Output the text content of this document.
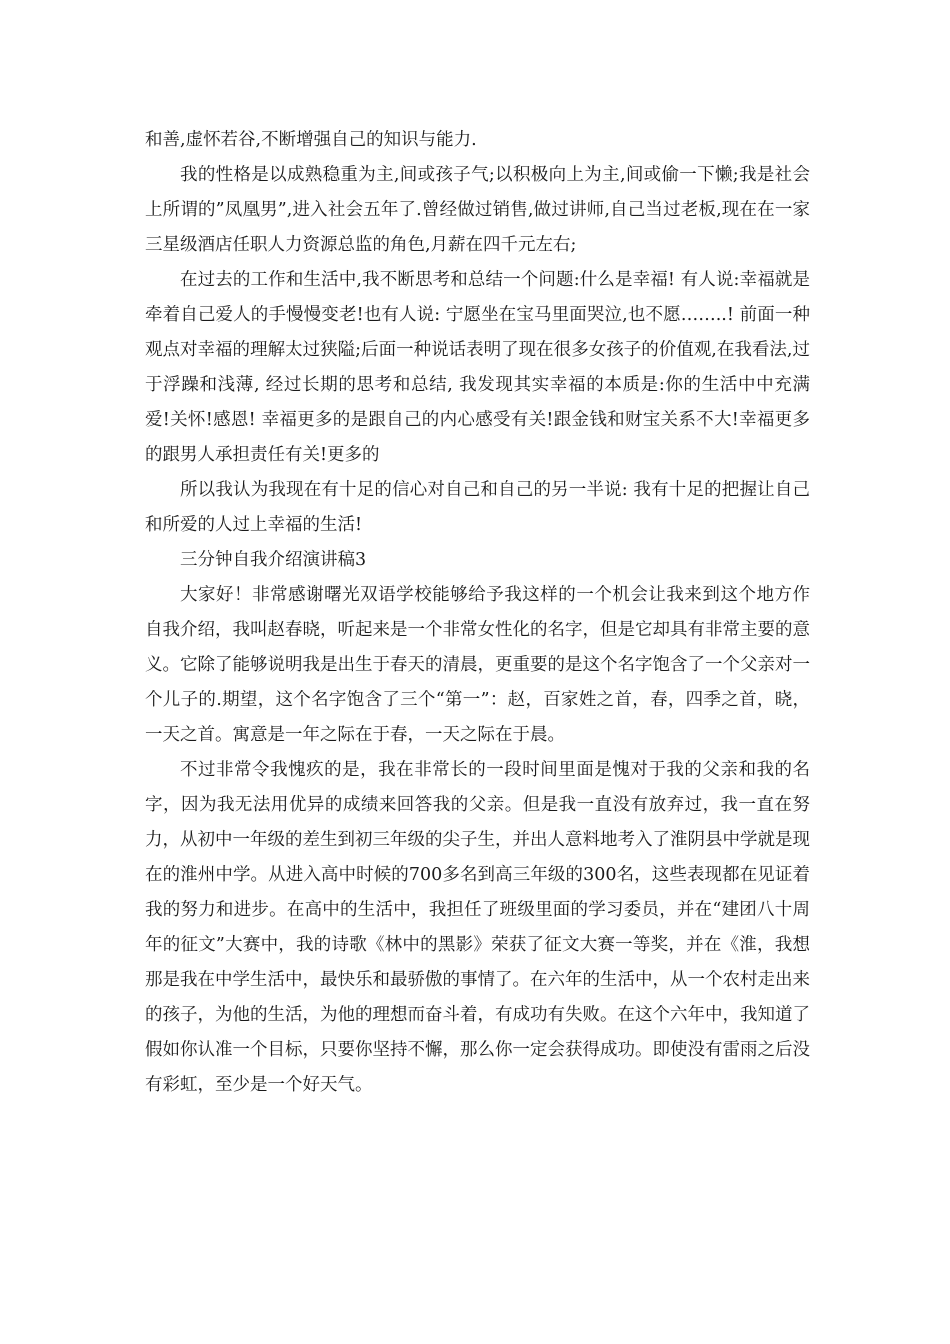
和善,虚怀若谷,不断增强自己的知识与能力.

我的性格是以成熟稳重为主,间或孩子气;以积极向上为主,间或偷一下懒;我是社会上所谓的”凤凰男”,进入社会五年了.曾经做过销售,做过讲师,自己当过老板,现在在一家三星级酒店任职人力资源总监的角色,月薪在四千元左右;

在过去的工作和生活中,我不断思考和总结一个问题:什么是幸福! 有人说:幸福就是牵着自己爱人的手慢慢变老!也有人说: 宁愿坐在宝马里面哭泣,也不愿……..! 前面一种观点对幸福的理解太过狭隘;后面一种说话表明了现在很多女孩子的价值观,在我看法,过于浮躁和浅薄, 经过长期的思考和总结, 我发现其实幸福的本质是:你的生活中中充满爱!关怀!感恩! 幸福更多的是跟自己的内心感受有关!跟金钱和财宝关系不大!幸福更多的跟男人承担责任有关!更多的

所以我认为我现在有十足的信心对自己和自己的另一半说: 我有十足的把握让自己和所爱的人过上幸福的生活!

三分钟自我介绍演讲稿3

大家好！非常感谢曙光双语学校能够给予我这样的一个机会让我来到这个地方作 自我介绍，我叫赵春晓，听起来是一个非常女性化的名字，但是它却具有非常主要的意义。它除了能够说明我是出生于春天的清晨，更重要的是这个名字饱含了一个父亲对一个儿子的.期望，这个名字饱含了三个“第一”：赵，百家姓之首，春，四季之首，晓，一天之首。寓意是一年之际在于春，一天之际在于晨。

不过非常令我愧疚的是，我在非常长的一段时间里面是愧对于我的父亲和我的名字，因为我无法用优异的成绩来回答我的父亲。但是我一直没有放弃过，我一直在努力，从初中一年级的差生到初三年级的尖子生，并出人意料地考入了淮阴县中学就是现在的淮州中学。从进入高中时候的700多名到高三年级的300名，这些表现都在见证着我的努力和进步。在高中的生活中，我担任了班级里面的学习委员，并在“建团八十周年的征文”大赛中，我的诗歌《林中的黑影》荣获了征文大赛一等奖，并在《淮，我想那是我在中学生活中，最快乐和最骄傲的事情了。在六年的生活中，从一个农村走出来的孩子，为他的生活，为他的理想而奋斗着，有成功有失败。在这个六年中，我知道了假如你认准一个目标，只要你坚持不懈，那么你一定会获得成功。即使没有雷雨之后没有彩虹，至少是一个好天气。
